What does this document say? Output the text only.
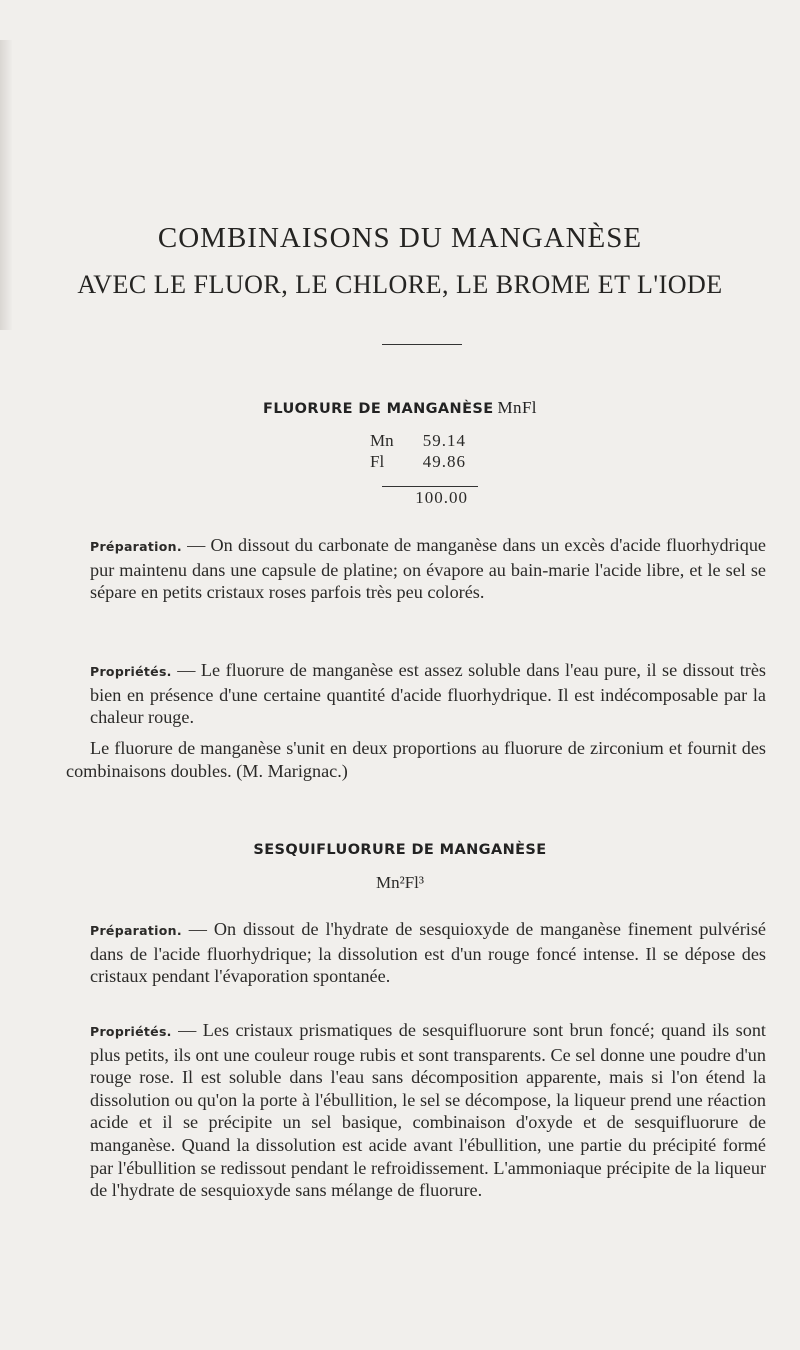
COMBINAISONS DU MANGANÈSE
AVEC LE FLUOR, LE CHLORE, LE BROME ET L'IODE
FLUORURE DE MANGANÈSE MnFl
Mn	59.14
Fl	49.86
100.00

Préparation. — On dissout du carbonate de manganèse dans un excès d'acide fluorhydrique pur maintenu dans une capsule de platine; on évapore au bain-marie l'acide libre, et le sel se sépare en petits cristaux roses parfois très peu colorés.

Propriétés. — Le fluorure de manganèse est assez soluble dans l'eau pure, il se dissout très bien en présence d'une certaine quantité d'acide fluorhydrique. Il est indécomposable par la chaleur rouge.

Le fluorure de manganèse s'unit en deux proportions au fluorure de zirconium et fournit des combinaisons doubles. (M. Marignac.)

SESQUIFLUORURE DE MANGANÈSE
Mn²Fl³

Préparation. — On dissout de l'hydrate de sesquioxyde de manganèse finement pulvérisé dans de l'acide fluorhydrique; la dissolution est d'un rouge foncé intense. Il se dépose des cristaux pendant l'évaporation spontanée.

Propriétés. — Les cristaux prismatiques de sesquifluorure sont brun foncé; quand ils sont plus petits, ils ont une couleur rouge rubis et sont transparents. Ce sel donne une poudre d'un rouge rose. Il est soluble dans l'eau sans décomposition apparente, mais si l'on étend la dissolution ou qu'on la porte à l'ébullition, le sel se décompose, la liqueur prend une réaction acide et il se précipite un sel basique, combinaison d'oxyde et de sesquifluorure de manganèse. Quand la dissolution est acide avant l'ébullition, une partie du précipité formé par l'ébullition se redissout pendant le refroidissement. L'ammoniaque précipite de la liqueur de l'hydrate de sesquioxyde sans mélange de fluorure.
